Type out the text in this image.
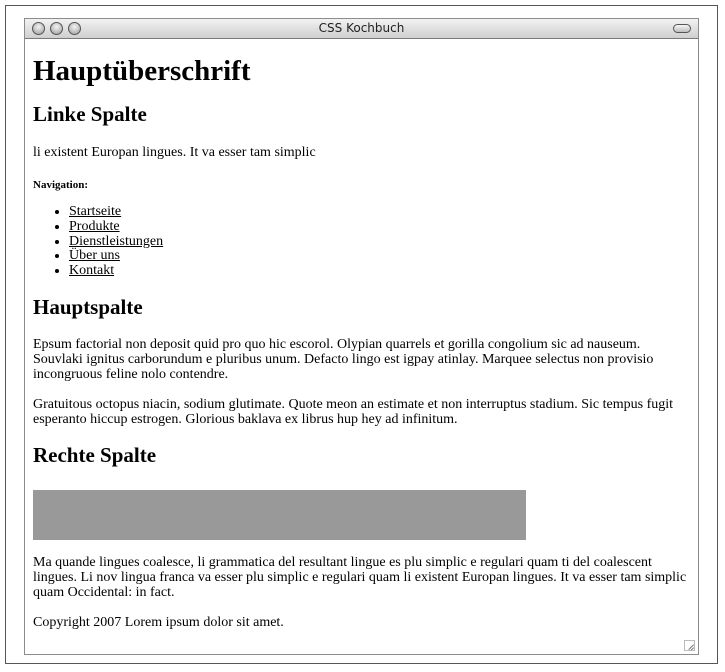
CSS Kochbuch
Hauptüberschrift
Linke Spalte

li existent Europan lingues. It va esser tam simplic

Navigation:
• Startseite
• Produkte
• Dienstleistungen
• Über uns
• Kontakt
Hauptspalte

Epsum factorial non deposit quid pro quo hic escorol. Olypian quarrels et gorilla congolium sic ad nauseum. Souvlaki ignitus carborundum e pluribus unum. Defacto lingo est igpay atinlay. Marquee selectus non provisio incongruous feline nolo contendre.

Gratuitous octopus niacin, sodium glutimate. Quote meon an estimate et non interruptus stadium. Sic tempus fugit esperanto hiccup estrogen. Glorious baklava ex librus hup hey ad infinitum.

Rechte Spalte

Ma quande lingues coalesce, li grammatica del resultant lingue es plu simplic e regulari quam ti del coalescent lingues. Li nov lingua franca va esser plu simplic e regulari quam li existent Europan lingues. It va esser tam simplic quam Occidental: in fact.

Copyright 2007 Lorem ipsum dolor sit amet.
